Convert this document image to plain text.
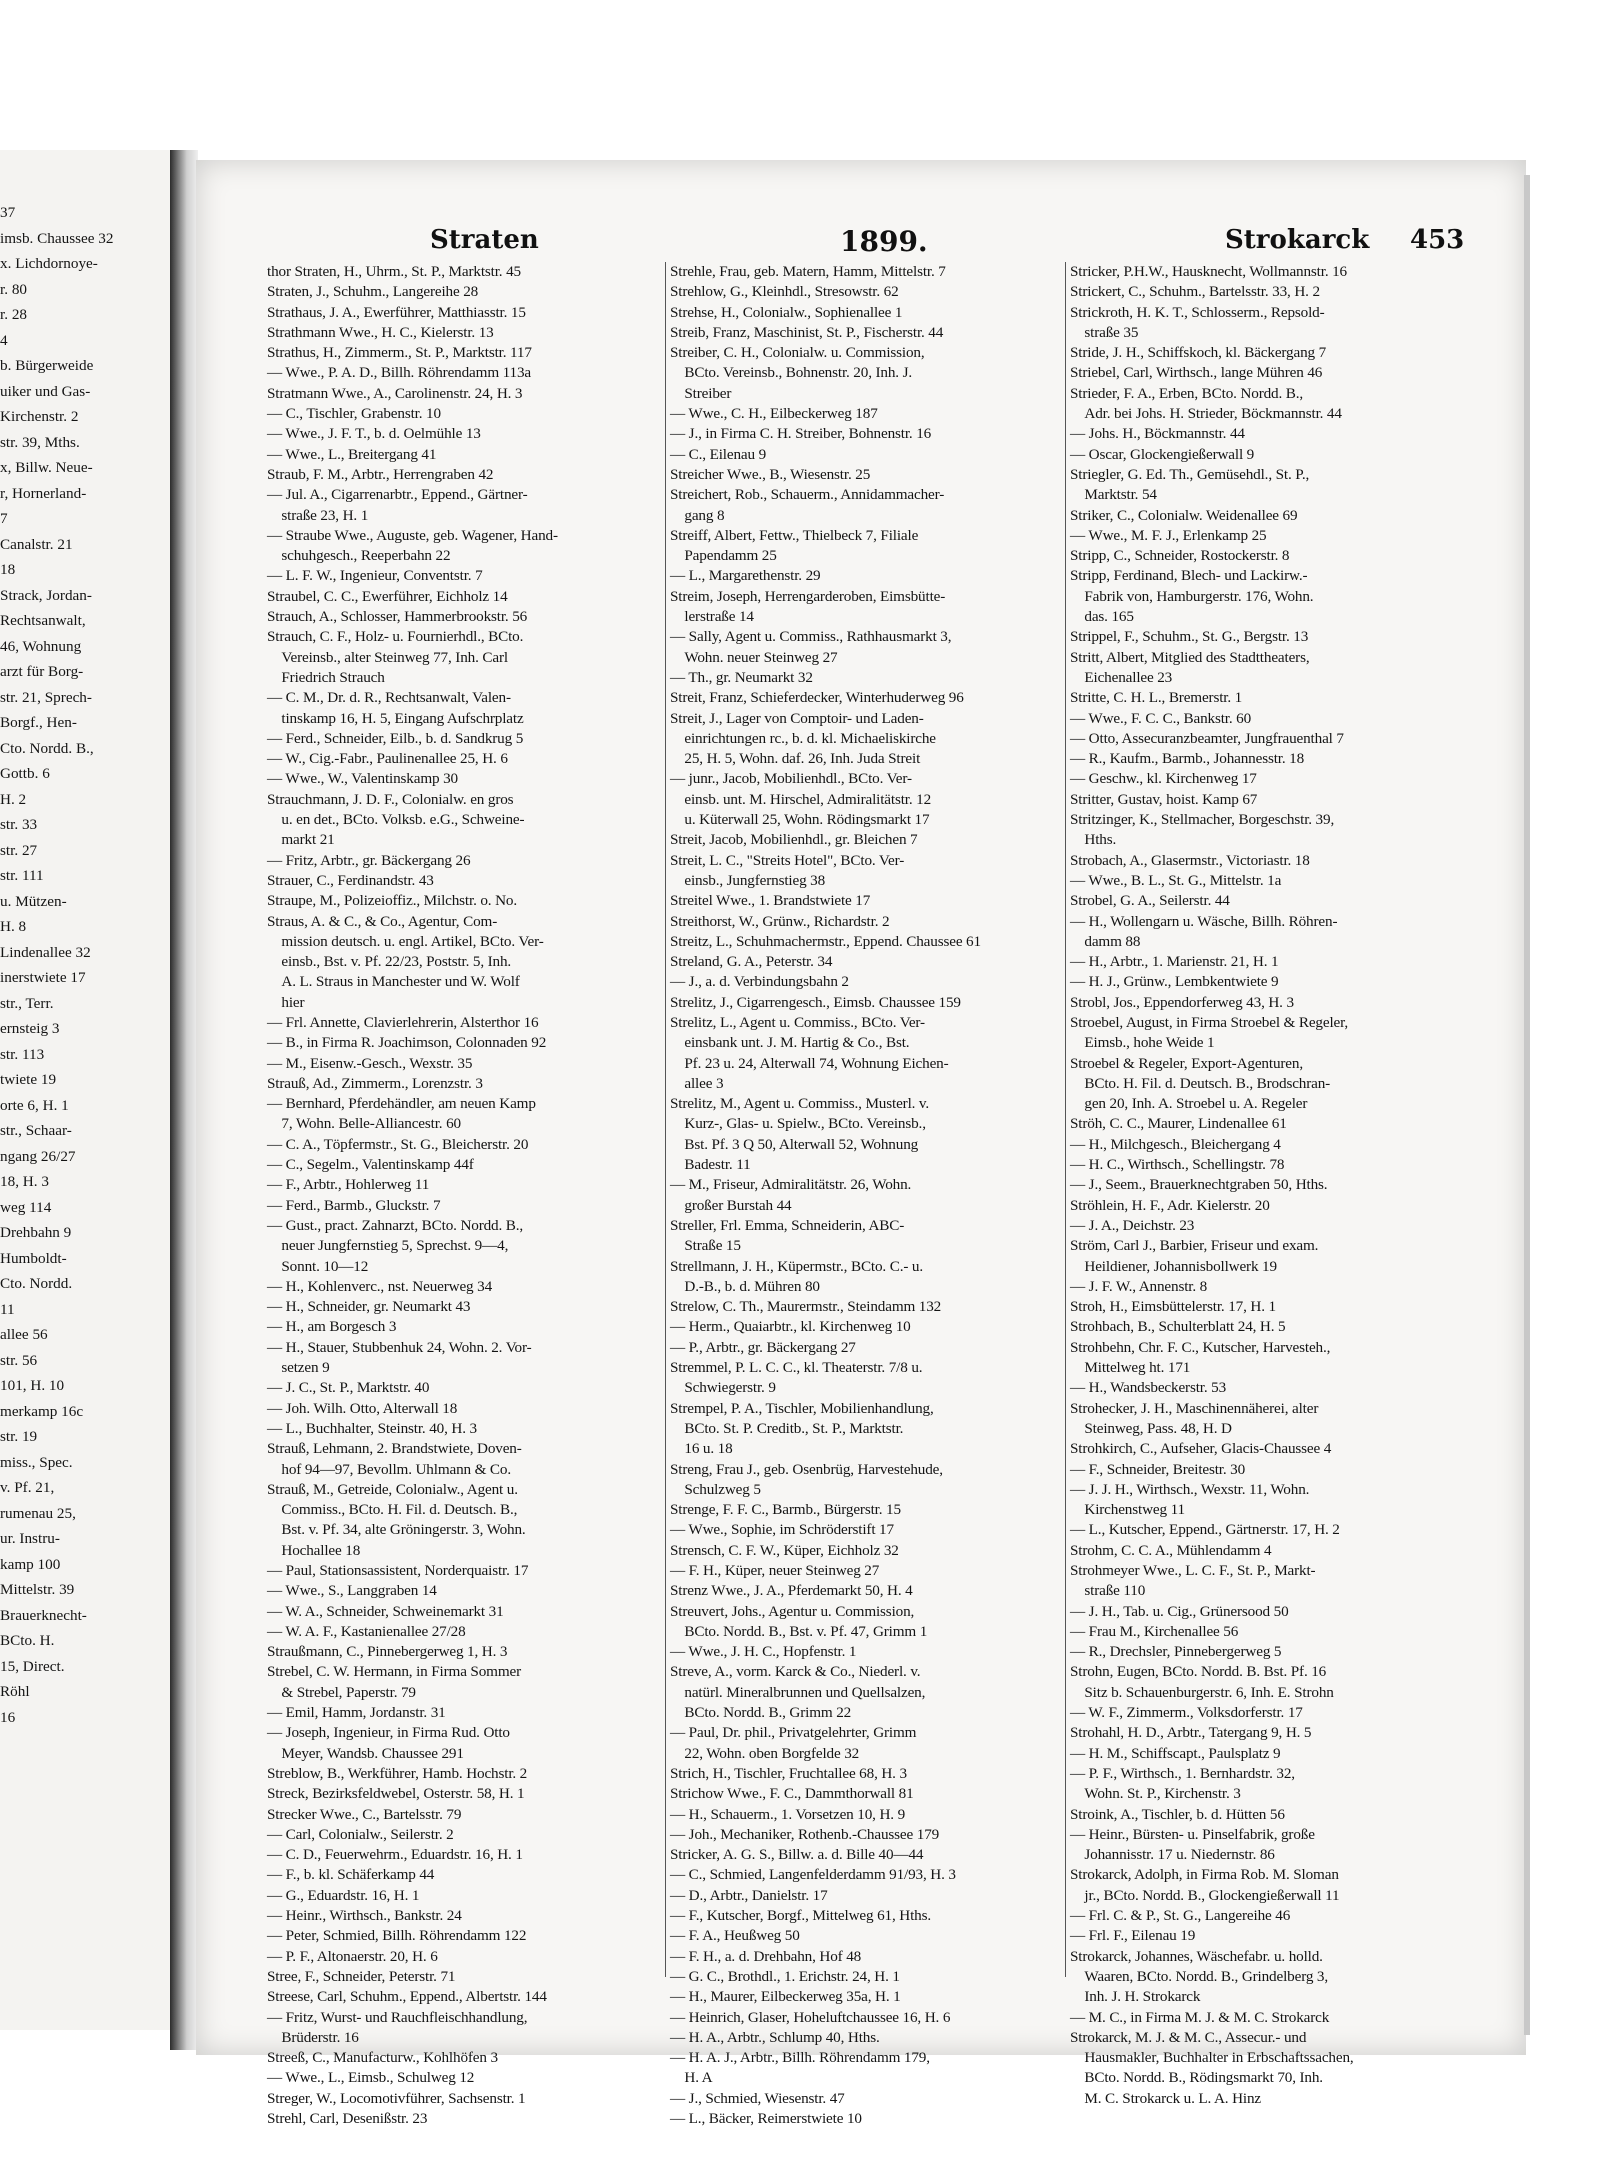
37
imsb. Chaussee 32
x. Lichdornoye-
r. 80
r. 28
4
b. Bürgerweide
uiker und Gas-
Kirchenstr. 2
str. 39, Mths.
x, Billw. Neue-
r, Hornerland-
7
Canalstr. 21
18
Strack, Jordan-
Rechtsanwalt,
46, Wohnung
arzt für Borg-
str. 21, Sprech-
Borgf., Hen-
Cto. Nordd. B.,
Gottb. 6
H. 2
str. 33
str. 27
str. 111
u. Mützen-
H. 8
Lindenallee 32
inerstwiete 17
str., Terr.
ernsteig 3
str. 113
twiete 19
orte 6, H. 1
str., Schaar-
ngang 26/27
18, H. 3
weg 114
Drehbahn 9
Humboldt-
Cto. Nordd.
11
allee 56
str. 56
101, H. 10
merkamp 16c
str. 19
miss., Spec.
v. Pf. 21,
rumenau 25,
ur. Instru-
kamp 100
Mittelstr. 39
Brauerknecht-
BCto. H.
15, Direct.
Röhl
16
Straten	1899.	Strokarck 453
thor Straten, H., Uhrm., St. P., Marktstr. 45
Straten, J., Schuhm., Langereihe 28
Strathaus, J. A., Ewerführer, Matthiasstr. 15
Strathmann Wwe., H. C., Kielerstr. 13
Strathus, H., Zimmerm., St. P., Marktstr. 117
— Wwe., P. A. D., Billh. Röhrendamm 113a
Stratmann Wwe., A., Carolinenstr. 24, H. 3
— C., Tischler, Grabenstr. 10
— Wwe., J. F. T., b. d. Oelmühle 13
— Wwe., L., Breitergang 41
Straub, F. M., Arbtr., Herrengraben 42
— Jul. A., Cigarrenarbtr., Eppend., Gärtner-
straße 23, H. 1
— Straube Wwe., Auguste, geb. Wagener, Hand-
schuhgesch., Reeperbahn 22
— L. F. W., Ingenieur, Conventstr. 7
Straubel, C. C., Ewerführer, Eichholz 14
Strauch, A., Schlosser, Hammerbrookstr. 56
Strauch, C. F., Holz- u. Fournierhdl., BCto.
Vereinsb., alter Steinweg 77, Inh. Carl
Friedrich Strauch
— C. M., Dr. d. R., Rechtsanwalt, Valen-
tinskamp 16, H. 5, Eingang Aufschrplatz
— Ferd., Schneider, Eilb., b. d. Sandkrug 5
— W., Cig.-Fabr., Paulinenallee 25, H. 6
— Wwe., W., Valentinskamp 30
Strauchmann, J. D. F., Colonialw. en gros
u. en det., BCto. Volksb. e.G., Schweine-
markt 21
— Fritz, Arbtr., gr. Bäckergang 26
Strauer, C., Ferdinandstr. 43
Straupe, M., Polizeioffiz., Milchstr. o. No.
Straus, A. & C., & Co., Agentur, Com-
mission deutsch. u. engl. Artikel, BCto. Ver-
einsb., Bst. v. Pf. 22/23, Poststr. 5, Inh.
A. L. Straus in Manchester und W. Wolf
hier
— Frl. Annette, Clavierlehrerin, Alsterthor 16
— B., in Firma R. Joachimson, Colonnaden 92
— M., Eisenw.-Gesch., Wexstr. 35
Strauß, Ad., Zimmerm., Lorenzstr. 3
— Bernhard, Pferdehändler, am neuen Kamp
7, Wohn. Belle-Alliancestr. 60
— C. A., Töpfermstr., St. G., Bleicherstr. 20
— C., Segelm., Valentinskamp 44f
— F., Arbtr., Hohlerweg 11
— Ferd., Barmb., Gluckstr. 7
— Gust., pract. Zahnarzt, BCto. Nordd. B.,
neuer Jungfernstieg 5, Sprechst. 9—4,
Sonnt. 10—12
— H., Kohlenverc., nst. Neuerweg 34
— H., Schneider, gr. Neumarkt 43
— H., am Borgesch 3
— H., Stauer, Stubbenhuk 24, Wohn. 2. Vor-
setzen 9
— J. C., St. P., Marktstr. 40
— Joh. Wilh. Otto, Alterwall 18
— L., Buchhalter, Steinstr. 40, H. 3
Strauß, Lehmann, 2. Brandstwiete, Doven-
hof 94—97, Bevollm. Uhlmann & Co.
Strauß, M., Getreide, Colonialw., Agent u.
Commiss., BCto. H. Fil. d. Deutsch. B.,
Bst. v. Pf. 34, alte Gröningerstr. 3, Wohn.
Hochallee 18
— Paul, Stationsassistent, Norderquaistr. 17
— Wwe., S., Langgraben 14
— W. A., Schneider, Schweinemarkt 31
— W. A. F., Kastanienallee 27/28
Straußmann, C., Pinnebergerweg 1, H. 3
Strebel, C. W. Hermann, in Firma Sommer
& Strebel, Paperstr. 79
— Emil, Hamm, Jordanstr. 31
— Joseph, Ingenieur, in Firma Rud. Otto
Meyer, Wandsb. Chaussee 291
Streblow, B., Werkführer, Hamb. Hochstr. 2
Streck, Bezirksfeldwebel, Osterstr. 58, H. 1
Strecker Wwe., C., Bartelsstr. 79
— Carl, Colonialw., Seilerstr. 2
— C. D., Feuerwehrm., Eduardstr. 16, H. 1
— F., b. kl. Schäferkamp 44
— G., Eduardstr. 16, H. 1
— Heinr., Wirthsch., Bankstr. 24
— Peter, Schmied, Billh. Röhrendamm 122
— P. F., Altonaerstr. 20, H. 6
Stree, F., Schneider, Peterstr. 71
Streese, Carl, Schuhm., Eppend., Albertstr. 144
— Fritz, Wurst- und Rauchfleischhandlung,
Brüderstr. 16
Streeß, C., Manufacturw., Kohlhöfen 3
— Wwe., L., Eimsb., Schulweg 12
Streger, W., Locomotivführer, Sachsenstr. 1
Strehl, Carl, Desenißstr. 23
Strehle, Frau, geb. Matern, Hamm, Mittelstr. 7
Strehlow, G., Kleinhdl., Stresowstr. 62
Strehse, H., Colonialw., Sophienallee 1
Streib, Franz, Maschinist, St. P., Fischerstr. 44
Streiber, C. H., Colonialw. u. Commission,
BCto. Vereinsb., Bohnenstr. 20, Inh. J.
Streiber
— Wwe., C. H., Eilbeckerweg 187
— J., in Firma C. H. Streiber, Bohnenstr. 16
— C., Eilenau 9
Streicher Wwe., B., Wiesenstr. 25
Streichert, Rob., Schauerm., Annidammacher-
gang 8
Streiff, Albert, Fettw., Thielbeck 7, Filiale
Papendamm 25
— L., Margarethenstr. 29
Streim, Joseph, Herrengarderoben, Eimsbütte-
lerstraße 14
— Sally, Agent u. Commiss., Rathhausmarkt 3,
Wohn. neuer Steinweg 27
— Th., gr. Neumarkt 32
Streit, Franz, Schieferdecker, Winterhuderweg 96
Streit, J., Lager von Comptoir- und Laden-
einrichtungen rc., b. d. kl. Michaeliskirche
25, H. 5, Wohn. daf. 26, Inh. Juda Streit
— junr., Jacob, Mobilienhdl., BCto. Ver-
einsb. unt. M. Hirschel, Admiralitätstr. 12
u. Küterwall 25, Wohn. Rödingsmarkt 17
Streit, Jacob, Mobilienhdl., gr. Bleichen 7
Streit, L. C., "Streits Hotel", BCto. Ver-
einsb., Jungfernstieg 38
Streitel Wwe., 1. Brandstwiete 17
Streithorst, W., Grünw., Richardstr. 2
Streitz, L., Schuhmachermstr., Eppend. Chaussee 61
Streland, G. A., Peterstr. 34
— J., a. d. Verbindungsbahn 2
Strelitz, J., Cigarrengesch., Eimsb. Chaussee 159
Strelitz, L., Agent u. Commiss., BCto. Ver-
einsbank unt. J. M. Hartig & Co., Bst.
Pf. 23 u. 24, Alterwall 74, Wohnung Eichen-
allee 3
Strelitz, M., Agent u. Commiss., Musterl. v.
Kurz-, Glas- u. Spielw., BCto. Vereinsb.,
Bst. Pf. 3 Q 50, Alterwall 52, Wohnung
Badestr. 11
— M., Friseur, Admiralitätstr. 26, Wohn.
großer Burstah 44
Streller, Frl. Emma, Schneiderin, ABC-
Straße 15
Strellmann, J. H., Küpermstr., BCto. C.- u.
D.-B., b. d. Mühren 80
Strelow, C. Th., Maurermstr., Steindamm 132
— Herm., Quaiarbtr., kl. Kirchenweg 10
— P., Arbtr., gr. Bäckergang 27
Stremmel, P. L. C. C., kl. Theaterstr. 7/8 u.
Schwiegerstr. 9
Strempel, P. A., Tischler, Mobilienhandlung,
BCto. St. P. Creditb., St. P., Marktstr.
16 u. 18
Streng, Frau J., geb. Osenbrüg, Harvestehude,
Schulzweg 5
Strenge, F. F. C., Barmb., Bürgerstr. 15
— Wwe., Sophie, im Schröderstift 17
Strensch, C. F. W., Küper, Eichholz 32
— F. H., Küper, neuer Steinweg 27
Strenz Wwe., J. A., Pferdemarkt 50, H. 4
Streuvert, Johs., Agentur u. Commission,
BCto. Nordd. B., Bst. v. Pf. 47, Grimm 1
— Wwe., J. H. C., Hopfenstr. 1
Streve, A., vorm. Karck & Co., Niederl. v.
natürl. Mineralbrunnen und Quellsalzen,
BCto. Nordd. B., Grimm 22
— Paul, Dr. phil., Privatgelehrter, Grimm
22, Wohn. oben Borgfelde 32
Strich, H., Tischler, Fruchtallee 68, H. 3
Strichow Wwe., F. C., Dammthorwall 81
— H., Schauerm., 1. Vorsetzen 10, H. 9
— Joh., Mechaniker, Rothenb.-Chaussee 179
Stricker, A. G. S., Billw. a. d. Bille 40—44
— C., Schmied, Langenfelderdamm 91/93, H. 3
— D., Arbtr., Danielstr. 17
— F., Kutscher, Borgf., Mittelweg 61, Hths.
— F. A., Heußweg 50
— F. H., a. d. Drehbahn, Hof 48
— G. C., Brothdl., 1. Erichstr. 24, H. 1
— H., Maurer, Eilbeckerweg 35a, H. 1
— Heinrich, Glaser, Hoheluftchaussee 16, H. 6
— H. A., Arbtr., Schlump 40, Hths.
— H. A. J., Arbtr., Billh. Röhrendamm 179,
H. A
— J., Schmied, Wiesenstr. 47
— L., Bäcker, Reimerstwiete 10
Stricker, P.H.W., Hausknecht, Wollmannstr. 16
Strickert, C., Schuhm., Bartelsstr. 33, H. 2
Strickroth, H. K. T., Schlosserm., Repsold-
straße 35
Stride, J. H., Schiffskoch, kl. Bäckergang 7
Striebel, Carl, Wirthsch., lange Mühren 46
Strieder, F. A., Erben, BCto. Nordd. B.,
Adr. bei Johs. H. Strieder, Böckmannstr. 44
— Johs. H., Böckmannstr. 44
— Oscar, Glockengießerwall 9
Striegler, G. Ed. Th., Gemüsehdl., St. P.,
Marktstr. 54
Striker, C., Colonialw. Weidenallee 69
— Wwe., M. F. J., Erlenkamp 25
Stripp, C., Schneider, Rostockerstr. 8
Stripp, Ferdinand, Blech- und Lackirw.-
Fabrik von, Hamburgerstr. 176, Wohn.
das. 165
Strippel, F., Schuhm., St. G., Bergstr. 13
Stritt, Albert, Mitglied des Stadttheaters,
Eichenallee 23
Stritte, C. H. L., Bremerstr. 1
— Wwe., F. C. C., Bankstr. 60
— Otto, Assecuranzbeamter, Jungfrauenthal 7
— R., Kaufm., Barmb., Johannesstr. 18
— Geschw., kl. Kirchenweg 17
Stritter, Gustav, hoist. Kamp 67
Stritzinger, K., Stellmacher, Borgeschstr. 39,
Hths.
Strobach, A., Glasermstr., Victoriastr. 18
— Wwe., B. L., St. G., Mittelstr. 1a
Strobel, G. A., Seilerstr. 44
— H., Wollengarn u. Wäsche, Billh. Röhren-
damm 88
— H., Arbtr., 1. Marienstr. 21, H. 1
— H. J., Grünw., Lembkentwiete 9
Strobl, Jos., Eppendorferweg 43, H. 3
Stroebel, August, in Firma Stroebel & Regeler,
Eimsb., hohe Weide 1
Stroebel & Regeler, Export-Agenturen,
BCto. H. Fil. d. Deutsch. B., Brodschran-
gen 20, Inh. A. Stroebel u. A. Regeler
Ströh, C. C., Maurer, Lindenallee 61
— H., Milchgesch., Bleichergang 4
— H. C., Wirthsch., Schellingstr. 78
— J., Seem., Brauerknechtgraben 50, Hths.
Ströhlein, H. F., Adr. Kielerstr. 20
— J. A., Deichstr. 23
Ström, Carl J., Barbier, Friseur und exam.
Heildiener, Johannisbollwerk 19
— J. F. W., Annenstr. 8
Stroh, H., Eimsbüttelerstr. 17, H. 1
Strohbach, B., Schulterblatt 24, H. 5
Strohbehn, Chr. F. C., Kutscher, Harvesteh.,
Mittelweg ht. 171
— H., Wandsbeckerstr. 53
Strohecker, J. H., Maschinennäherei, alter
Steinweg, Pass. 48, H. D
Strohkirch, C., Aufseher, Glacis-Chaussee 4
— F., Schneider, Breitestr. 30
— J. J. H., Wirthsch., Wexstr. 11, Wohn.
Kirchenstweg 11
— L., Kutscher, Eppend., Gärtnerstr. 17, H. 2
Strohm, C. C. A., Mühlendamm 4
Strohmeyer Wwe., L. C. F., St. P., Markt-
straße 110
— J. H., Tab. u. Cig., Grünersood 50
— Frau M., Kirchenallee 56
— R., Drechsler, Pinnebergerweg 5
Strohn, Eugen, BCto. Nordd. B. Bst. Pf. 16
Sitz b. Schauenburgerstr. 6, Inh. E. Strohn
— W. F., Zimmerm., Volksdorferstr. 17
Strohahl, H. D., Arbtr., Tatergang 9, H. 5
— H. M., Schiffscapt., Paulsplatz 9
— P. F., Wirthsch., 1. Bernhardstr. 32,
Wohn. St. P., Kirchenstr. 3
Stroink, A., Tischler, b. d. Hütten 56
— Heinr., Bürsten- u. Pinselfabrik, große
Johannisstr. 17 u. Niedernstr. 86
Strokarck, Adolph, in Firma Rob. M. Sloman
jr., BCto. Nordd. B., Glockengießerwall 11
— Frl. C. & P., St. G., Langereihe 46
— Frl. F., Eilenau 19
Strokarck, Johannes, Wäschefabr. u. holld.
Waaren, BCto. Nordd. B., Grindelberg 3,
Inh. J. H. Strokarck
— M. C., in Firma M. J. & M. C. Strokarck
Strokarck, M. J. & M. C., Assecur.- und
Hausmakler, Buchhalter in Erbschaftssachen,
BCto. Nordd. B., Rödingsmarkt 70, Inh.
M. C. Strokarck u. L. A. Hinz
